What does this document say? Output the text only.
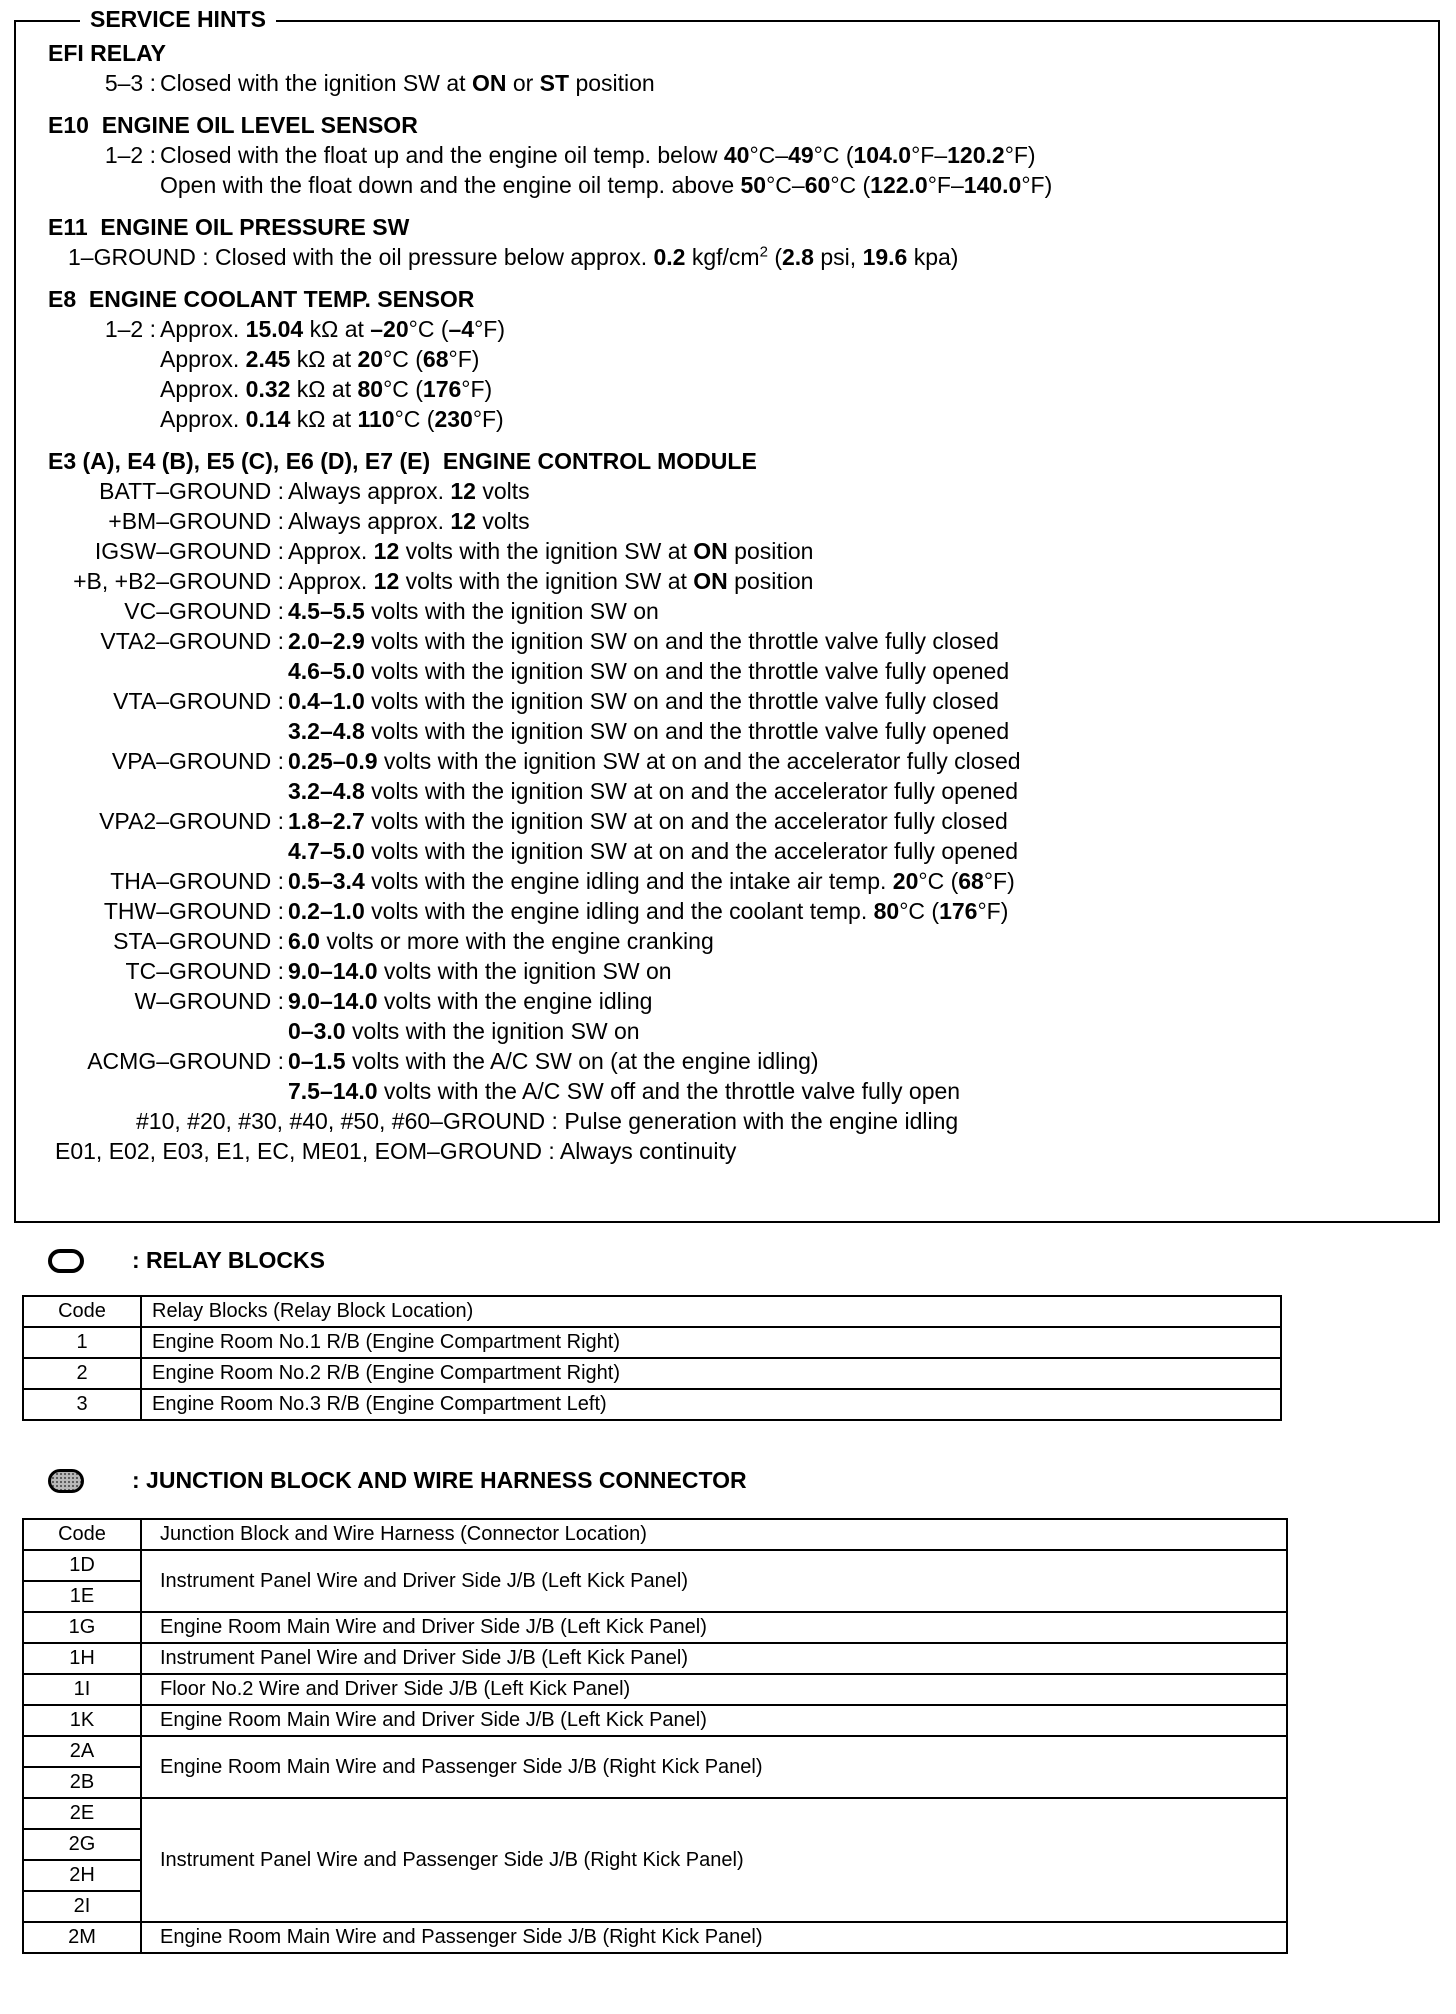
SERVICE HINTS
EFI RELAY
5–3 : Closed with the ignition SW at ON or ST position
E10  ENGINE OIL LEVEL SENSOR
1–2 : Closed with the float up and the engine oil temp. below 40°C–49°C (104.0°F–120.2°F)
Open with the float down and the engine oil temp. above 50°C–60°C (122.0°F–140.0°F)
E11  ENGINE OIL PRESSURE SW
1–GROUND : Closed with the oil pressure below approx. 0.2 kgf/$cm^2$ (2.8 psi, 19.6 kpa)
E8  ENGINE COOLANT TEMP. SENSOR
1–2 : Approx. 15.04 kΩ at –20°C (–4°F)
Approx. 2.45 kΩ at 20°C (68°F)
Approx. 0.32 kΩ at 80°C (176°F)
Approx. 0.14 kΩ at 110°C (230°F)
E3 (A), E4 (B), E5 (C), E6 (D), E7 (E)  ENGINE CONTROL MODULE
BATT–GROUND : Always approx. 12 volts
+BM–GROUND : Always approx. 12 volts
IGSW–GROUND : Approx. 12 volts with the ignition SW at ON position
+B, +B2–GROUND : Approx. 12 volts with the ignition SW at ON position
VC–GROUND : 4.5–5.5 volts with the ignition SW on
VTA2–GROUND : 2.0–2.9 volts with the ignition SW on and the throttle valve fully closed
4.6–5.0 volts with the ignition SW on and the throttle valve fully opened
VTA–GROUND : 0.4–1.0 volts with the ignition SW on and the throttle valve fully closed
3.2–4.8 volts with the ignition SW on and the throttle valve fully opened
VPA–GROUND : 0.25–0.9 volts with the ignition SW at on and the accelerator fully closed
3.2–4.8 volts with the ignition SW at on and the accelerator fully opened
VPA2–GROUND : 1.8–2.7 volts with the ignition SW at on and the accelerator fully closed
4.7–5.0 volts with the ignition SW at on and the accelerator fully opened
THA–GROUND : 0.5–3.4 volts with the engine idling and the intake air temp. 20°C (68°F)
THW–GROUND : 0.2–1.0 volts with the engine idling and the coolant temp. 80°C (176°F)
STA–GROUND : 6.0 volts or more with the engine cranking
TC–GROUND : 9.0–14.0 volts with the ignition SW on
W–GROUND : 9.0–14.0 volts with the engine idling
0–3.0 volts with the ignition SW on
ACMG–GROUND : 0–1.5 volts with the A/C SW on (at the engine idling)
7.5–14.0 volts with the A/C SW off and the throttle valve fully open
#10, #20, #30, #40, #50, #60–GROUND : Pulse generation with the engine idling
E01, E02, E03, E1, EC, ME01, EOM–GROUND : Always continuity
: RELAY BLOCKS
Code	Relay Blocks (Relay Block Location)
1	Engine Room No.1 R/B (Engine Compartment Right)
2	Engine Room No.2 R/B (Engine Compartment Right)
3	Engine Room No.3 R/B (Engine Compartment Left)
: JUNCTION BLOCK AND WIRE HARNESS CONNECTOR
Code	Junction Block and Wire Harness (Connector Location)
1D	Instrument Panel Wire and Driver Side J/B (Left Kick Panel)
1E	
1G	Engine Room Main Wire and Driver Side J/B (Left Kick Panel)
1H	Instrument Panel Wire and Driver Side J/B (Left Kick Panel)
1I	Floor No.2 Wire and Driver Side J/B (Left Kick Panel)
1K	Engine Room Main Wire and Driver Side J/B (Left Kick Panel)
2A	Engine Room Main Wire and Passenger Side J/B (Right Kick Panel)
2B	
2E	Instrument Panel Wire and Passenger Side J/B (Right Kick Panel)
2G	
2H	
2I	
2M	Engine Room Main Wire and Passenger Side J/B (Right Kick Panel)
